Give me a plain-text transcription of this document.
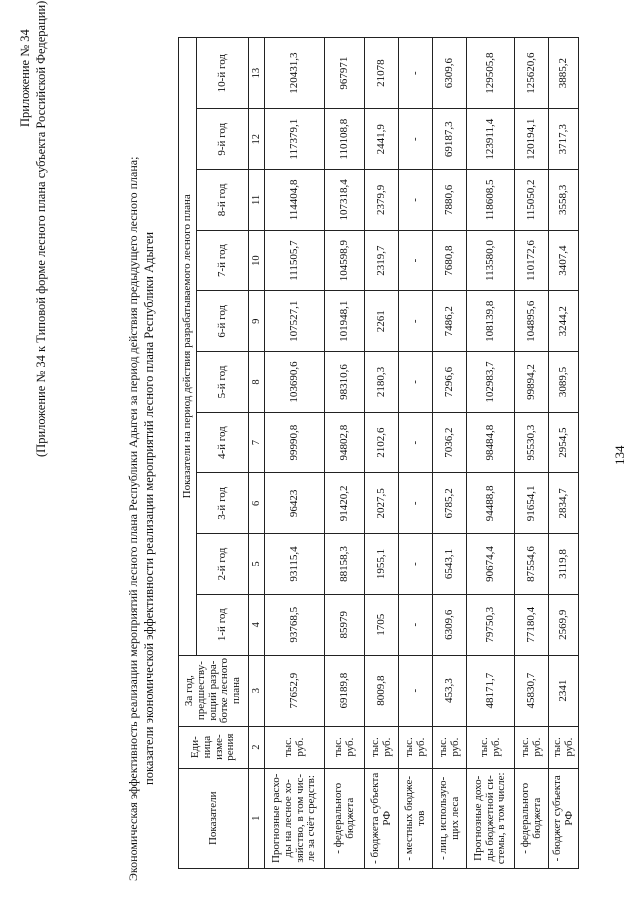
Приложение № 34 (Приложение № 34 к Типовой форме лесного плана субъекта Российской Федерации)	Экономическая эффективность реализации мероприятий лесного плана Республики Адыгеи за период действия предыдущего лесного плана; показатели экономической эффективности реализации мероприятий лесного плана Республики Адыгеи
Показатели	Еди-ница изме-рения	За год, предшеству-ющий разра-ботке лесного плана	Показатели на период действия разрабатываемого лесного плана									
			1-й год	2-й год	3-й год	4-й год	5-й год	6-й год	7-й год	8-й год	9-й год	10-й год
1	2	3	4	5	6	7	8	9	10	11	12	13
Прогнозные расхо-ды на лесное хо-зяйство, в том чис-ле за счёт средств:	тыс. руб.	77652,9	93768,5	93115,4	96423	99990,8	103690,6	107527,1	111505,7	114404,8	117379,1	120431,3
- федерального бюджета	тыс. руб.	69189,8	85979	88158,3	91420,2	94802,8	98310,6	101948,1	104598,9	107318,4	110108,8	967971
- бюджета субъекта РФ	тыс. руб.	8009,8	1705	1955,1	2027,5	2102,6	2180,3	2261	2319,7	2379,9	2441,9	21078
- местных бюдже-тов	тыс. руб.	-	-	-	-	-	-	-	-	-	-	-
- лиц, использую-щих леса	тыс. руб.	453,3	6309,6	6543,1	6785,2	7036,2	7296,6	7486,2	7680,8	7880,6	69187,3	6309,6
Прогнозные дохо-ды бюджетной си-стемы, в том числе:	тыс. руб.	48171,7	79750,3	90674,4	94488,8	98484,8	102983,7	108139,8	113580,0	118608,5	123911,4	129505,8
- федерального бюджета	тыс. руб.	45830,7	77180,4	87554,6	91654,1	95530,3	99894,2	104895,6	110172,6	115050,2	120194,1	125620,6
- бюджет субъекта РФ	тыс. руб.	2341	2569,9	3119,8	2834,7	2954,5	3089,5	3244,2	3407,4	3558,3	3717,3	3885,2
134
